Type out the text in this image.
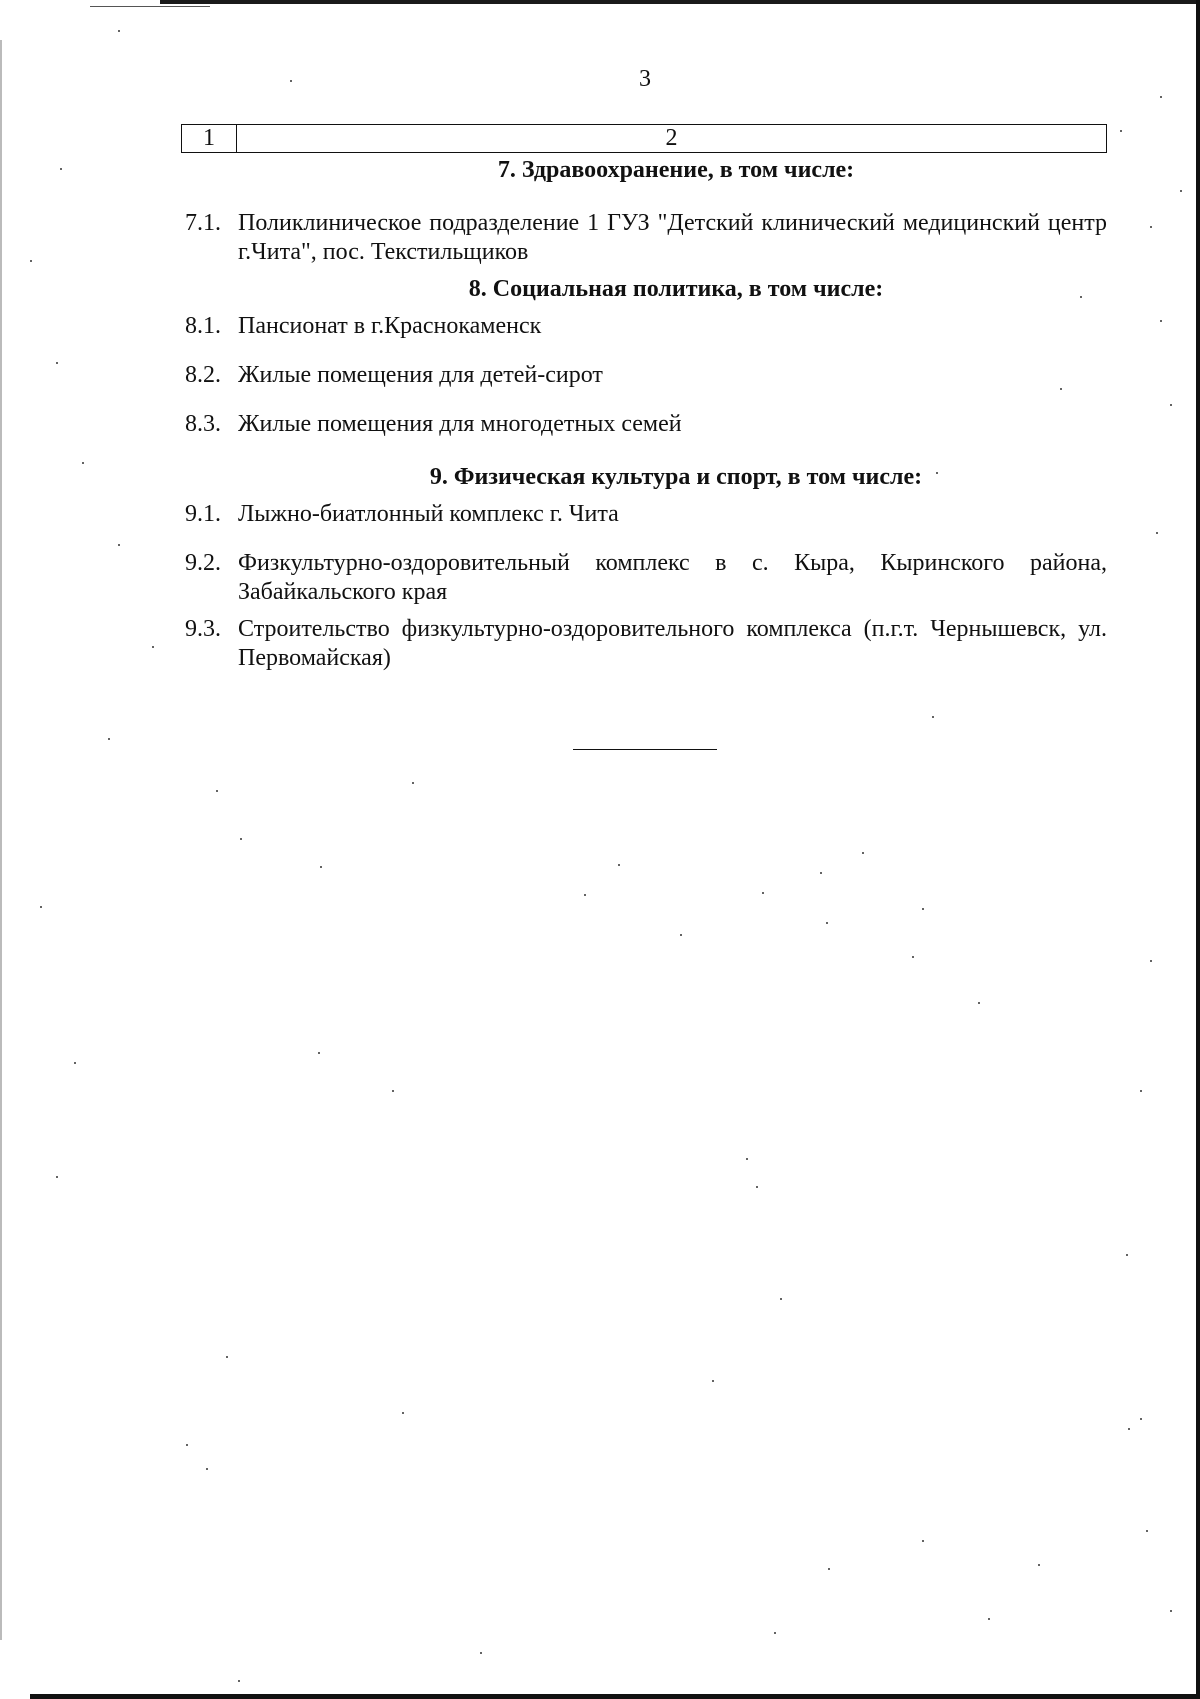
3
1	2

7. Здравоохранение, в том числе:

7.1. Поликлиническое подразделение 1 ГУЗ "Детский клинический медицинский центр г.Чита", пос. Текстильщиков

8. Социальная политика, в том числе:

8.1. Пансионат в г.Краснокаменск
8.2. Жилые помещения для детей-сирот
8.3. Жилые помещения для многодетных семей

9. Физическая культура и спорт, в том числе:

9.1. Лыжно-биатлонный комплекс г. Чита
9.2. Физкультурно-оздоровительный комплекс в с. Кыра, Кыринского района, Забайкальского края
9.3. Строительство физкультурно-оздоровительного комплекса (п.г.т. Чернышевск, ул. Первомайская)
